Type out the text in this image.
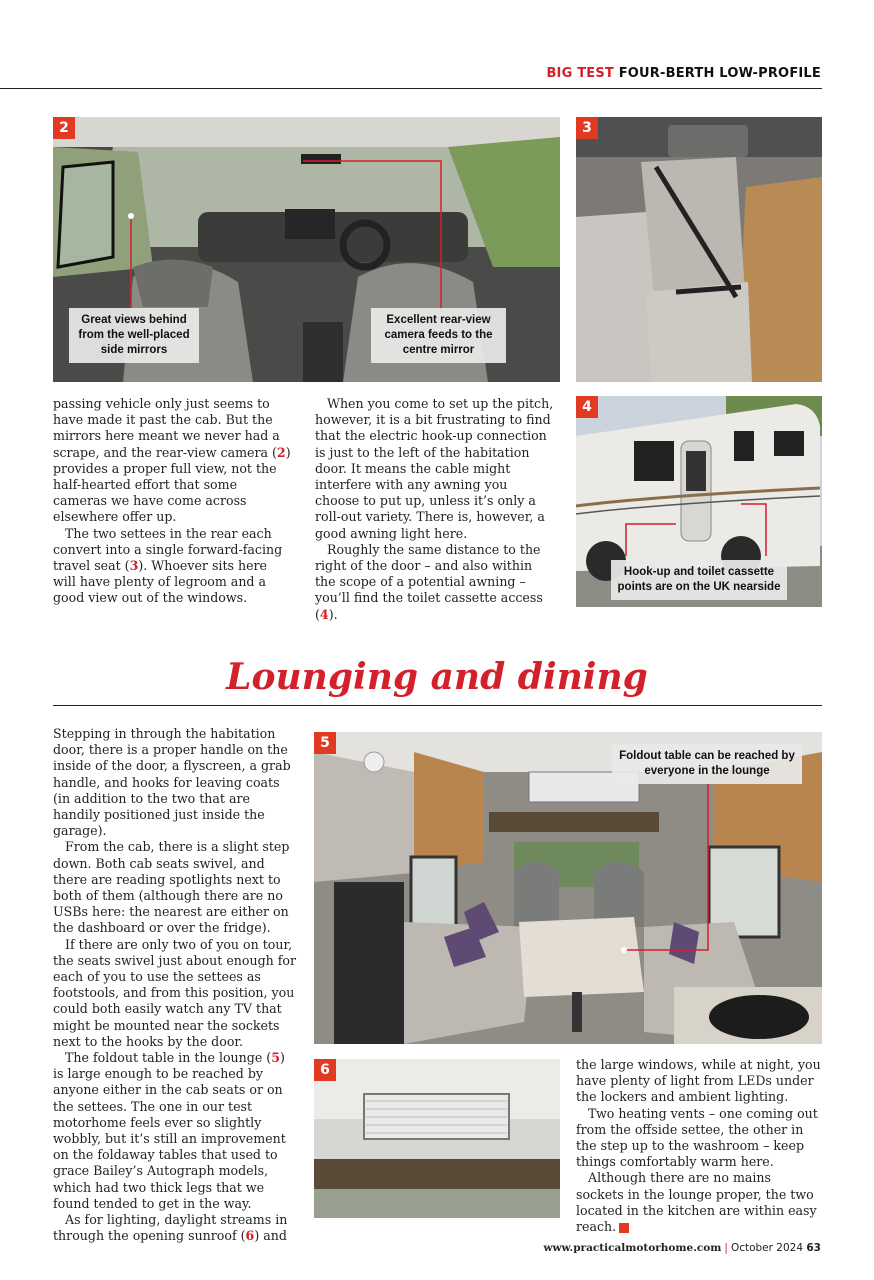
BIG TEST FOUR-BERTH LOW-PROFILE
2
Great views behind from the well-placed side mirrors
Excellent rear-view camera feeds to the centre mirror
3
4
Hook-up and toilet cassette points are on the UK nearside

passing vehicle only just seems to have made it past the cab. But the mirrors here meant we never had a scrape, and the rear-view camera (2) provides a proper full view, not the half-hearted effort that some cameras we have come across elsewhere offer up.

The two settees in the rear each convert into a single forward-facing travel seat (3). Whoever sits here will have plenty of legroom and a good view out of the windows.

When you come to set up the pitch, however, it is a bit frustrating to find that the electric hook-up connection is just to the left of the habitation door. It means the cable might interfere with any awning you choose to put up, unless it’s only a roll-out variety. There is, however, a good awning light here.

Roughly the same distance to the right of the door – and also within the scope of a potential awning – you’ll find the toilet cassette access (4).

Lounging and dining
5
Foldout table can be reached by everyone in the lounge
6

Stepping in through the habitation door, there is a proper handle on the inside of the door, a flyscreen, a grab handle, and hooks for leaving coats (in addition to the two that are handily positioned just inside the garage).

From the cab, there is a slight step down. Both cab seats swivel, and there are reading spotlights next to both of them (although there are no USBs here: the nearest are either on the dashboard or over the fridge).

If there are only two of you on tour, the seats swivel just about enough for each of you to use the settees as footstools, and from this position, you could both easily watch any TV that might be mounted near the sockets next to the hooks by the door.

The foldout table in the lounge (5) is large enough to be reached by anyone either in the cab seats or on the settees. The one in our test motorhome feels ever so slightly wobbly, but it’s still an improvement on the foldaway tables that used to grace Bailey’s Autograph models, which had two thick legs that we found tended to get in the way.

As for lighting, daylight streams in through the opening sunroof (6) and

the large windows, while at night, you have plenty of light from LEDs under the lockers and ambient lighting.

Two heating vents – one coming out from the offside settee, the other in the step up to the washroom – keep things comfortably warm here.

Although there are no mains sockets in the lounge proper, the two located in the kitchen are within easy reach. ►

www.practicalmotorhome.com | October 2024 63
